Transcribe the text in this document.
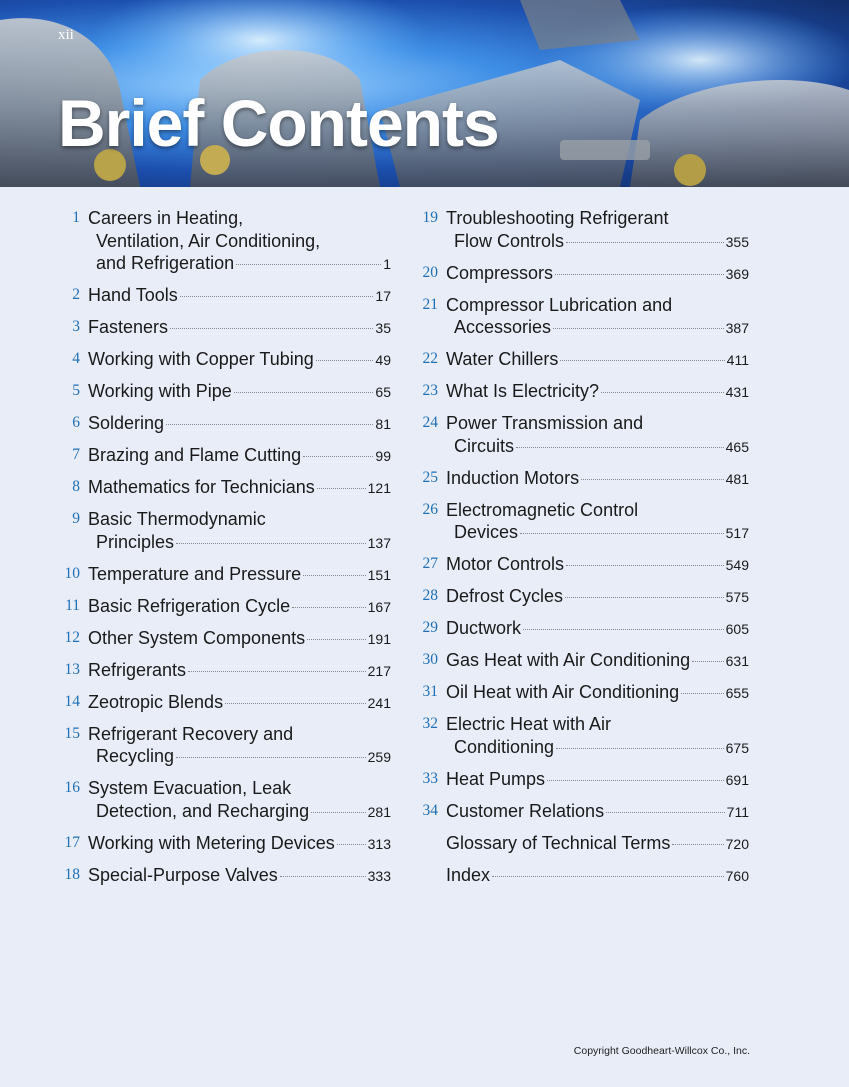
xii
Brief Contents
1 Careers in Heating,
Ventilation, Air Conditioning,
and Refrigeration	1
2 Hand Tools	17
3 Fasteners	35
4 Working with Copper Tubing	49
5 Working with Pipe	65
6 Soldering	81
7 Brazing and Flame Cutting	99
8 Mathematics for Technicians	121
9 Basic Thermodynamic
Principles	137
10 Temperature and Pressure	151
11 Basic Refrigeration Cycle	167
12 Other System Components	191
13 Refrigerants	217
14 Zeotropic Blends	241
15 Refrigerant Recovery and
Recycling	259
16 System Evacuation, Leak
Detection, and Recharging	281
17 Working with Metering Devices 313
18 Special-Purpose Valves	333
19 Troubleshooting Refrigerant
Flow Controls	355
20 Compressors	369
21 Compressor Lubrication and
Accessories	387
22 Water Chillers	411
23 What Is Electricity?	431
24 Power Transmission and
Circuits	465
25 Induction Motors	481
26 Electromagnetic Control
Devices	517
27 Motor Controls	549
28 Defrost Cycles	575
29 Ductwork	605
30 Gas Heat with Air Conditioning	631
31 Oil Heat with Air Conditioning	655
32 Electric Heat with Air
Conditioning	675
33 Heat Pumps	691
34 Customer Relations	711
Glossary of Technical Terms	720
Index	760
Copyright Goodheart-Willcox Co., Inc.
